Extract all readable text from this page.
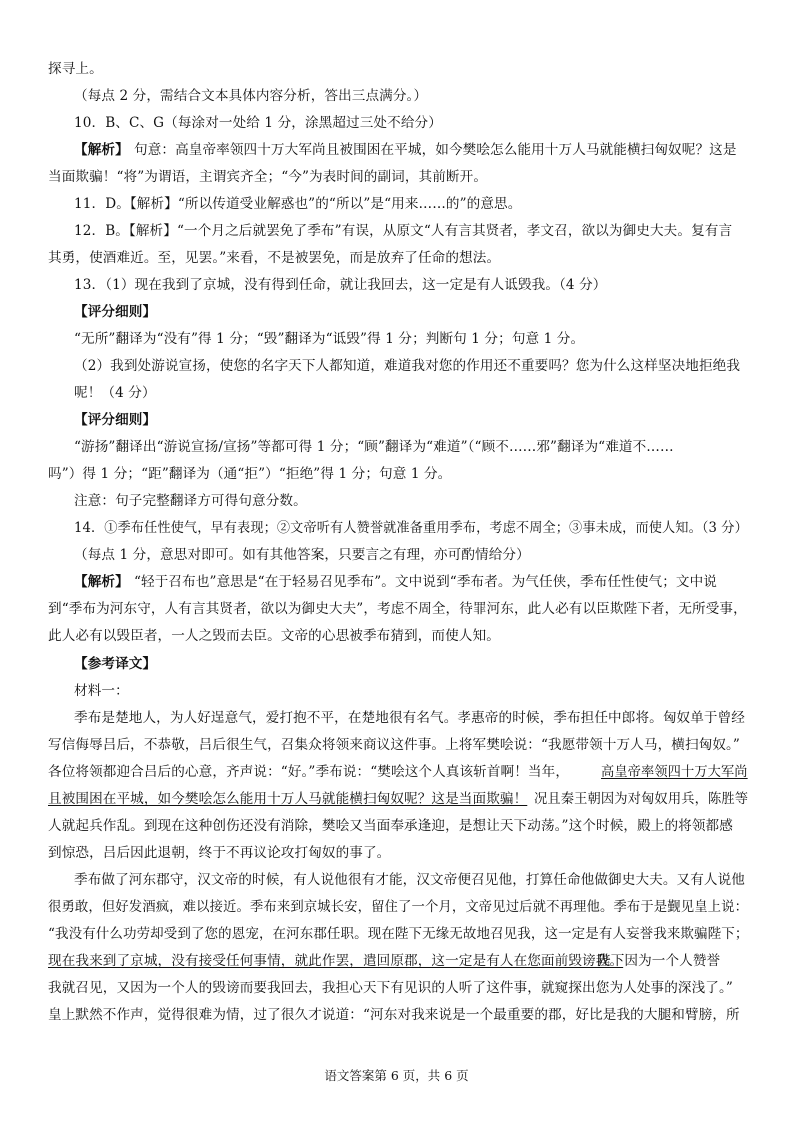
探寻上。
（每点 2 分，需结合文本具体内容分析，答出三点满分。）
10．B、C、G（每涂对一处给 1 分，涂黑超过三处不给分）
【解析】 句意：高皇帝率领四十万大军尚且被围困在平城，如今樊哙怎么能用十万人马就能横扫匈奴呢？这是
当面欺骗！“将”为谓语，主谓宾齐全；“今”为表时间的副词，其前断开。
11．D。【解析】“所以传道受业解惑也”的“所以”是“用来……的”的意思。
12．B。【解析】“一个月之后就罢免了季布”有误，从原文“人有言其贤者，孝文召，欲以为御史大夫。复有言
其勇，使酒难近。至，见罢。”来看，不是被罢免，而是放弃了任命的想法。
13．（1）现在我到了京城，没有得到任命，就让我回去，这一定是有人诋毁我。（4 分）
【评分细则】
“无所”翻译为“没有”得 1 分；“毁”翻译为“诋毁”得 1 分；判断句 1 分；句意 1 分。
（2）我到处游说宣扬，使您的名字天下人都知道，难道我对您的作用还不重要吗？您为什么这样坚决地拒绝我
呢！（4 分）
【评分细则】
“游扬”翻译出“游说宣扬/宣扬”等都可得 1 分；“顾”翻译为“难道”（“顾不……邪”翻译为“难道不……
吗”）得 1 分；“距”翻译为（通“拒”）“拒绝”得 1 分；句意 1 分。
注意：句子完整翻译方可得句意分数。
14．①季布任性使气，早有表现；②文帝听有人赞誉就准备重用季布，考虑不周全；③事未成，而使人知。（3 分）
（每点 1 分，意思对即可。如有其他答案，只要言之有理，亦可酌情给分）
【解析】 “轻于召布也”意思是“在于轻易召见季布”。文中说到“季布者。为气任侠，季布任性使气；文中说
到“季布为河东守，人有言其贤者，欲以为御史大夫”，考虑不周全，待罪河东，此人必有以臣欺陛下者，无所受事，
此人必有以毁臣者，一人之毁而去臣。文帝的心思被季布猜到，而使人知。
【参考译文】
材料一：
季布是楚地人，为人好逞意气，爱打抱不平，在楚地很有名气。孝惠帝的时候，季布担任中郎将。匈奴单于曾经
写信侮辱吕后，不恭敬，吕后很生气，召集众将领来商议这件事。上将军樊哙说：“我愿带领十万人马，横扫匈奴。”
各位将领都迎合吕后的心意，齐声说：“好。”季布说：“樊哙这个人真该斩首啊！当年， 高皇帝率领四十万大军尚
且被围困在平城，如今樊哙怎么能用十万人马就能横扫匈奴呢？这是当面欺骗！ 况且秦王朝因为对匈奴用兵，陈胜等
人就起兵作乱。到现在这种创伤还没有消除，樊哙又当面奉承逢迎，是想让天下动荡。”这个时候，殿上的将领都感
到惊恐，吕后因此退朝，终于不再议论攻打匈奴的事了。
季布做了河东郡守，汉文帝的时候，有人说他很有才能，汉文帝便召见他，打算任命他做御史大夫。又有人说他
很勇敢，但好发酒疯，难以接近。季布来到京城长安，留住了一个月，文帝见过后就不再理他。季布于是觐见皇上说：
“我没有什么功劳却受到了您的恩宠，在河东郡任职。现在陛下无缘无故地召见我，这一定是有人妄誉我来欺骗陛下；
现在我来到了京城，没有接受任何事情，就此作罢，遣回原郡，这一定是有人在您面前毁谤我。
陛下因为一个人赞誉
我就召见，又因为一个人的毁谤而要我回去，我担心天下有见识的人听了这件事，就窥探出您为人处事的深浅了。”
皇上默然不作声，觉得很难为情，过了很久才说道：“河东对我来说是一个最重要的郡，好比是我的大腿和臂膀，所
语文答案第 6 页，共 6 页
